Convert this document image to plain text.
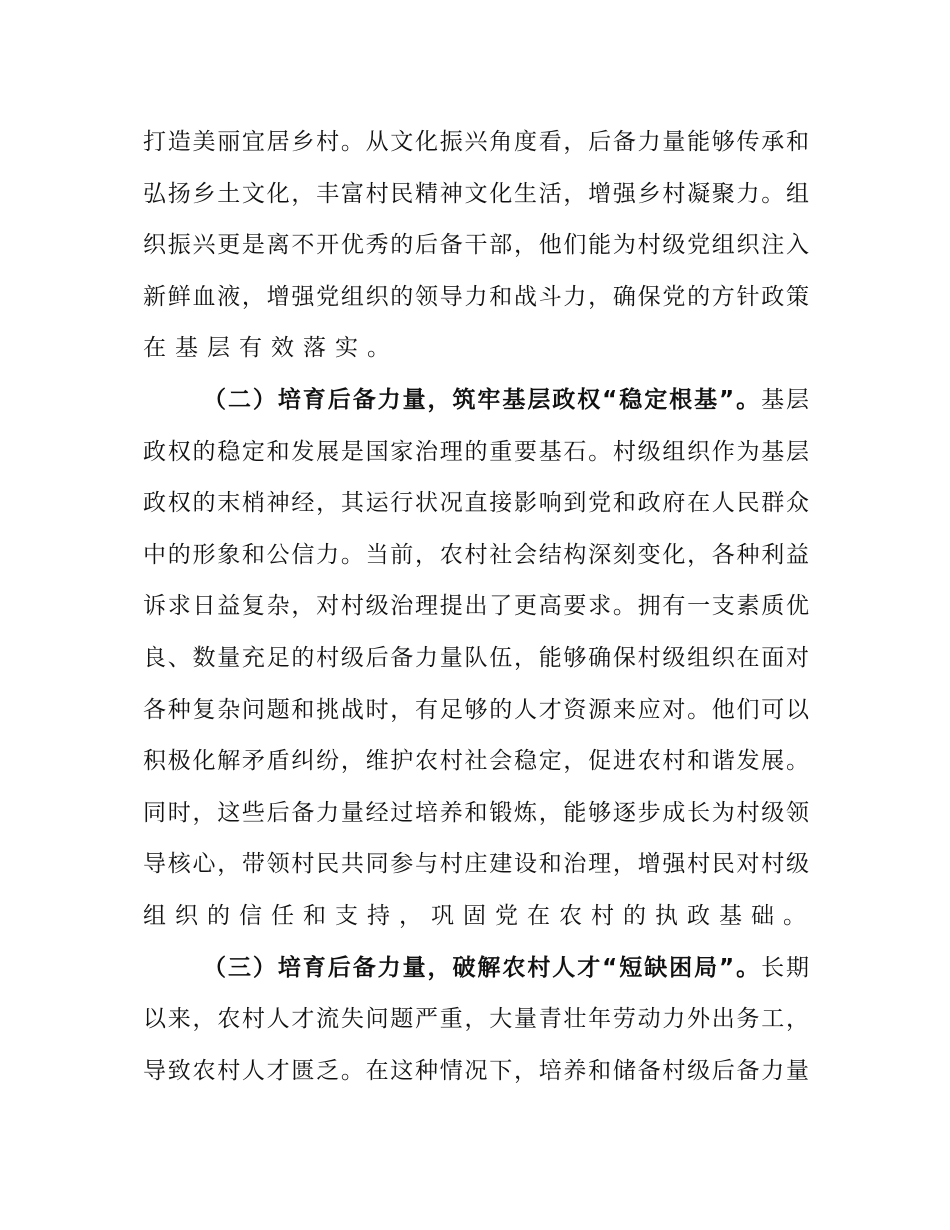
打造美丽宜居乡村。从文化振兴角度看，后备力量能够传承和
弘扬乡土文化，丰富村民精神文化生活，增强乡村凝聚力。组
织振兴更是离不开优秀的后备干部，他们能为村级党组织注入
新鲜血液，增强党组织的领导力和战斗力，确保党的方针政策
在基层有效落实。
（二）培育后备力量，筑牢基层政权“稳定根基”。基层
政权的稳定和发展是国家治理的重要基石。村级组织作为基层
政权的末梢神经，其运行状况直接影响到党和政府在人民群众
中的形象和公信力。当前，农村社会结构深刻变化，各种利益
诉求日益复杂，对村级治理提出了更高要求。拥有一支素质优
良、数量充足的村级后备力量队伍，能够确保村级组织在面对
各种复杂问题和挑战时，有足够的人才资源来应对。他们可以
积极化解矛盾纠纷，维护农村社会稳定，促进农村和谐发展。
同时，这些后备力量经过培养和锻炼，能够逐步成长为村级领
导核心，带领村民共同参与村庄建设和治理，增强村民对村级
组织的信任和支持，巩固党在农村的执政基础。
（三）培育后备力量，破解农村人才“短缺困局”。长期
以来，农村人才流失问题严重，大量青壮年劳动力外出务工，
导致农村人才匮乏。在这种情况下，培养和储备村级后备力量
